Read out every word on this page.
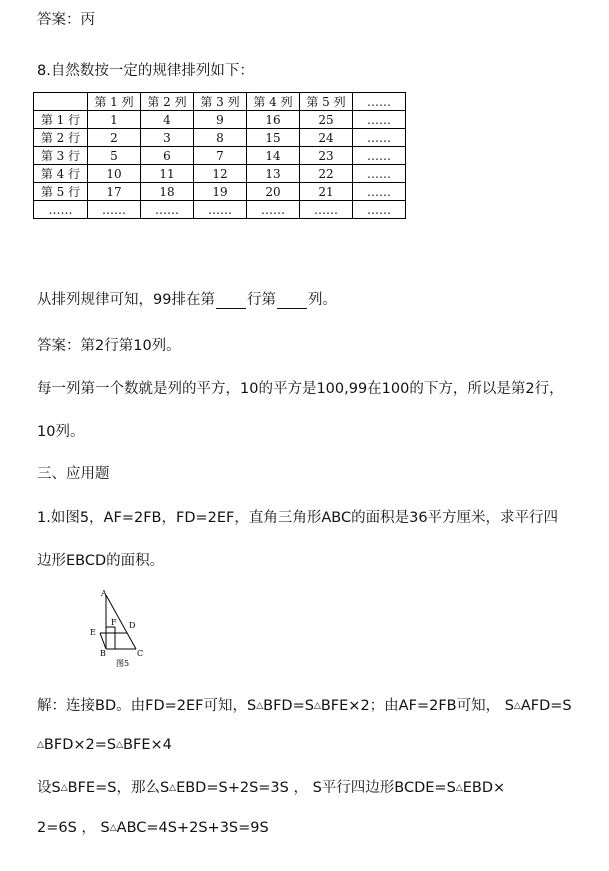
答案：丙
8.自然数按一定的规律排列如下：
	第 1 列	第 2 列	第 3 列	第 4 列	第 5 列	……
第 1 行	1	4	9	16	25	……
第 2 行	2	3	8	15	24	……
第 3 行	5	6	7	14	23	……
第 4 行	10	11	12	13	22	……
第 5 行	17	18	19	20	21	……
……	……	……	……	……	……	……
从排列规律可知，99排在第 行第 列。
答案：第2行第10列。
每一列第一个数就是列的平方，10的平方是100,99在100的下方，所以是第2行，
10列。
三、应用题
1.如图5，AF=2FB，FD=2EF，直角三角形ABC的面积是36平方厘米，求平行四
边形EBCD的面积。
A
B	C
D
E
F
图5
解：连接BD。由FD=2EF可知，S△BFD=S△BFE×2；由AF=2FB可知， S△AFD=S
△BFD×2=S△BFE×4
设S△BFE=S，那么S△EBD=S+2S=3S ， S平行四边形BCDE=S△EBD×
2=6S ， S△ABC=4S+2S+3S=9S
